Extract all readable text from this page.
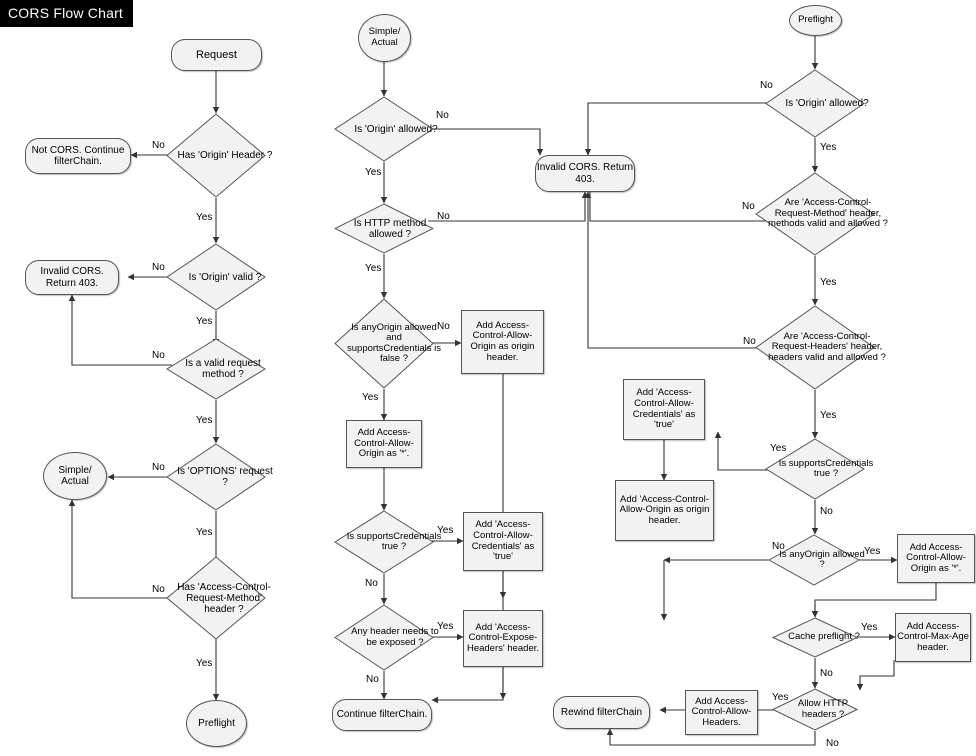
CORS Flow Chart
Request
Has 'Origin' Header ?
Not CORS. Continue filterChain.
Is 'Origin' valid ?
Invalid CORS. Return 403.
Is a valid request method ?
Is 'OPTIONS' request ?
Simple/ Actual
Has 'Access-Control-Request-Method' header ?
Preflight
Simple/ Actual
Is 'Origin' allowed?
Invalid CORS. Return 403.
Is HTTP method allowed ?
Is anyOrigin allowed and supportsCredentials is false ?
Add Access-Control-Allow-Origin as origin header.
Add Access-Control-Allow-Origin as '*'.
Is supportsCredentials true ?
Add 'Access-Control-Allow-Credentials' as 'true'
Any header needs to be exposed ?
Add 'Access-Control-Expose-Headers' header.
Continue filterChain.
Preflight
Is 'Origin' allowed?
Are 'Access-Control-Request-Method' header, methods valid and allowed ?
Are 'Access-Control-Request-Headers' header, headers valid and allowed ?
Is supportsCredentials true ?
Add 'Access-Control-Allow-Credentials' as 'true'
Is anyOrigin allowed ?
Add 'Access-Control-Allow-Origin as origin header.
Add Access-Control-Allow-Origin as '*'.
Cache preflight ?
Add Access-Control-Max-Age header.
Allow HTTP headers ?
Add Access-Control-Allow-Headers.
Rewind filterChain
No
Yes
No
Yes
No
Yes
No
Yes
No
Yes
No
Yes
No
Yes
No
Yes
Yes
No
Yes
No
No
Yes
No
Yes
No
Yes
Yes
No
No	Yes
Yes
No
Yes
No
